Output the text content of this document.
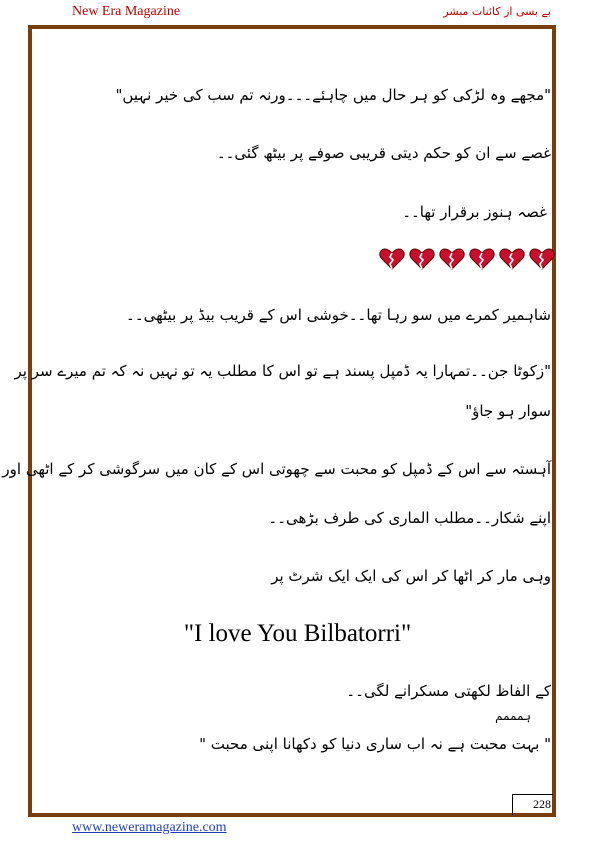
New Era Magazine	بے بسی از کائنات مبشر
"مجھے وہ لڑکی کو ہر حال میں چاہئے۔۔۔ورنہ تم سب کی خیر نہیں"
غصے سے ان کو حکم دیتی قریبی صوفے پر بیٹھ گئی۔۔
غصہ ہنوز برقرار تھا۔۔
شاہمیر کمرے میں سو رہا تھا۔۔خوشی اس کے قریب بیڈ پر بیٹھی۔۔
"زکوٹا جن۔۔تمہارا یہ ڈمپل پسند ہے تو اس کا مطلب یہ تو نہیں نہ کہ تم میرے سر پر
سوار ہو جاؤ"
آہستہ سے اس کے ڈمپل کو محبت سے چھوتی اس کے کان میں سرگوشی کر کے اٹھی اور
اپنے شکار۔۔مطلب الماری کی طرف بڑھی۔۔
وہی مار کر اٹھا کر اس کی ایک ایک شرٹ پر
کے الفاظ لکھتی مسکرانے لگی۔۔
ہمممم
" بہت محبت ہے نہ اب ساری دنیا کو دکھانا اپنی محبت "
"I love You Bilbatorri"
228
www.neweramagazine.com
